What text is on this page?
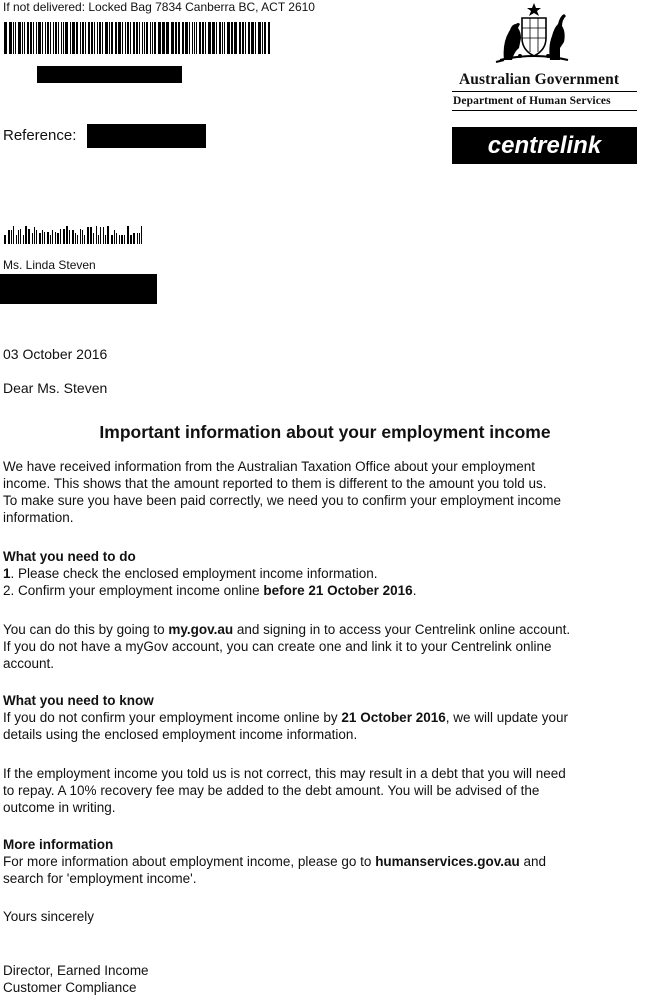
If not delivered: Locked Bag 7834 Canberra BC, ACT 2610
Australian Government
Department of Human Services
centrelink
Reference:
Ms. Linda Steven
03 October 2016
Dear Ms. Steven
Important information about your employment income

We have received information from the Australian Taxation Office about your employment

income. This shows that the amount reported to them is different to the amount you told us.

To make sure you have been paid correctly, we need you to confirm your employment income

information.

What you need to do

1. Please check the enclosed employment income information.

2. Confirm your employment income online before 21 October 2016.

You can do this by going to my.gov.au and signing in to access your Centrelink online account.

If you do not have a myGov account, you can create one and link it to your Centrelink online

account.

What you need to know

If you do not confirm your employment income online by 21 October 2016, we will update your

details using the enclosed employment income information.

If the employment income you told us is not correct, this may result in a debt that you will need

to repay. A 10% recovery fee may be added to the debt amount. You will be advised of the

outcome in writing.

More information

For more information about employment income, please go to humanservices.gov.au and

search for 'employment income'.

Yours sincerely

Director, Earned Income

Customer Compliance
